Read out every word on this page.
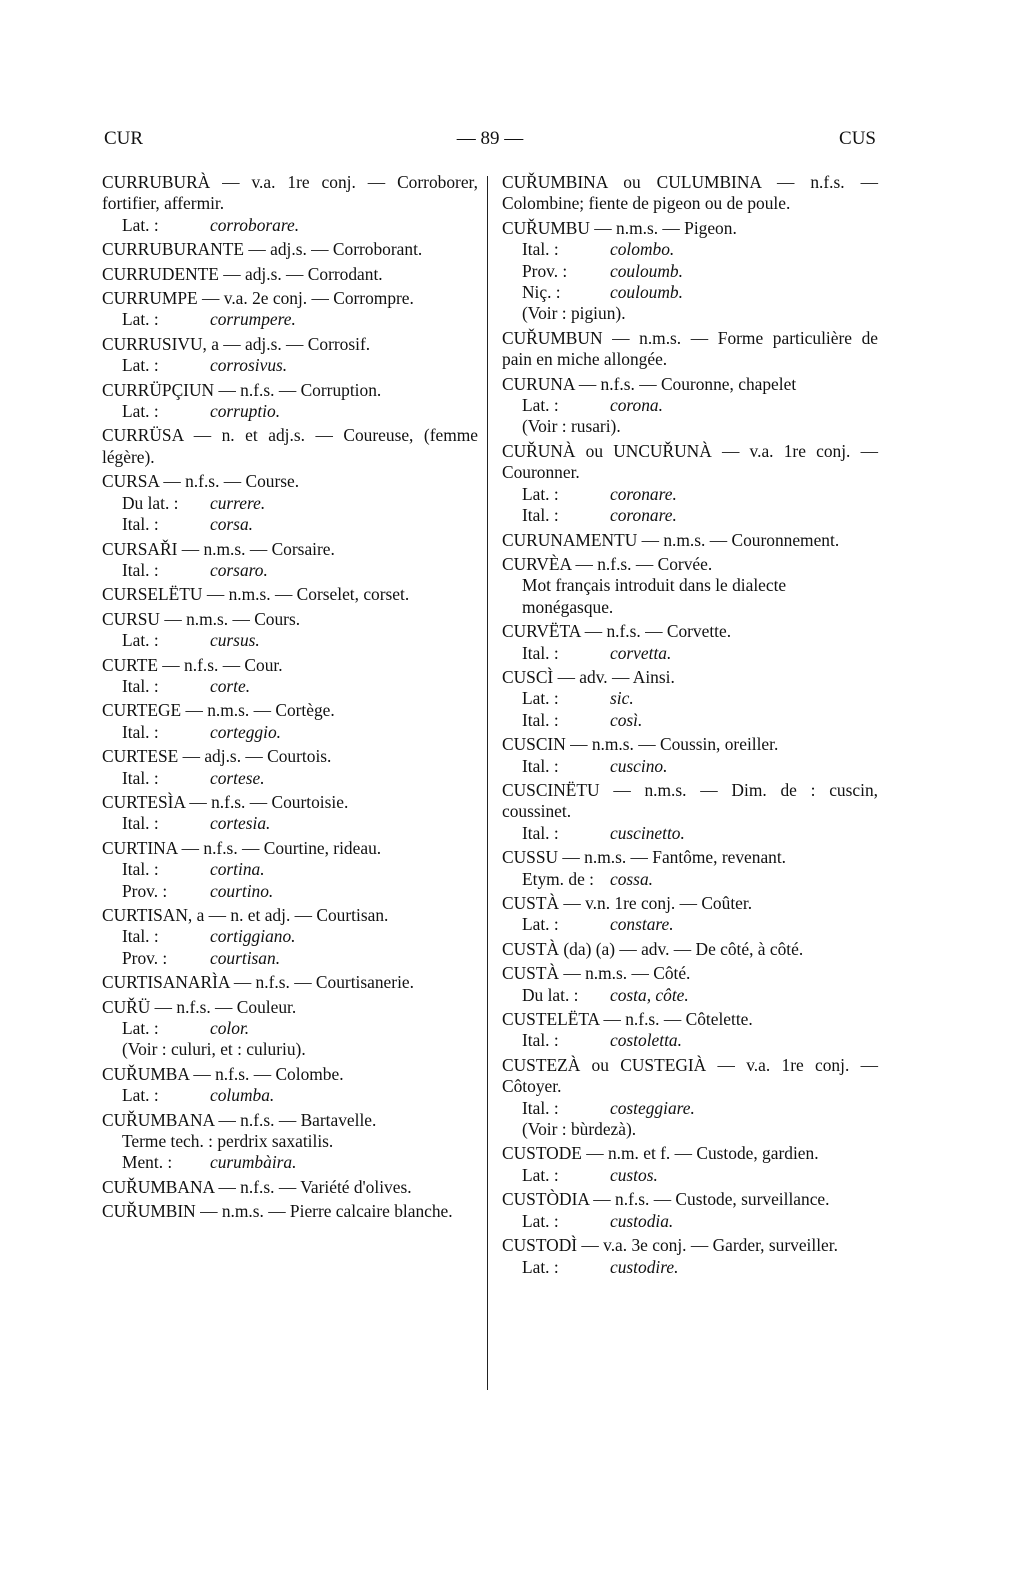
CUR	— 89 —	CUS
CURRUBURÀ — v.a. 1re conj. — Corroborer, fortifier, affermir.
Lat. :	corroborare.
CURRUBURANTE — adj.s. — Corroborant.
CURRUDENTE — adj.s. — Corrodant.
CURRUMPE — v.a. 2e conj. — Corrompre.
Lat. :	corrumpere.
CURRUSIVU, a — adj.s. — Corrosif.
Lat. :	corrosivus.
CURRÜPÇIUN — n.f.s. — Corruption.
Lat. :	corruptio.
CURRÜSA — n. et adj.s. — Coureuse, (femme légère).
CURSA — n.f.s. — Course.
Du lat. : currere.
Ital. :	corsa.
CURSAŘI — n.m.s. — Corsaire.
Ital. :	corsaro.
CURSELËTU — n.m.s. — Corselet, corset.
CURSU — n.m.s. — Cours.
Lat. :	cursus.
CURTE — n.f.s. — Cour.
Ital. :	corte.
CURTEGE — n.m.s. — Cortège.
Ital. :	corteggio.
CURTESE — adj.s. — Courtois.
Ital. :	cortese.
CURTESÌA — n.f.s. — Courtoisie.
Ital. :	cortesia.
CURTINA — n.f.s. — Courtine, rideau.
Ital. :	cortina.
Prov. : courtino.
CURTISAN, a — n. et adj. — Courtisan.
Ital. :	cortiggiano.
Prov. : courtisan.
CURTISANARÌA — n.f.s. — Courtisanerie.
CUŘÜ — n.f.s. — Couleur.
Lat. :	color.
(Voir : culuri, et : culuriu).
CUŘUMBA — n.f.s. — Colombe.
Lat. :	columba.
CUŘUMBANA — n.f.s. — Bartavelle.
Terme tech. : perdrix saxatilis.
Ment. : curumbàira.
CUŘUMBANA — n.f.s. — Variété d'olives.
CUŘUMBIN — n.m.s. — Pierre calcaire blanche.
CUŘUMBINA ou CULUMBINA — n.f.s. — Colombine; fiente de pigeon ou de poule.
CUŘUMBU — n.m.s. — Pigeon.
Ital. :	colombo.
Prov. : couloumb.
Niç. :	couloumb.
(Voir : pigiun).
CUŘUMBUN — n.m.s. — Forme particulière de pain en miche allongée.
CURUNA — n.f.s. — Couronne, chapelet
Lat. :	corona.
(Voir : rusari).
CUŘUNÀ ou UNCUŘUNÀ — v.a. 1re conj. — Couronner.
Lat. :	coronare.
Ital. :	coronare.
CURUNAMENTU — n.m.s. — Couronnement.
CURVÈA — n.f.s. — Corvée.
Mot français introduit dans le dialecte monégasque.
CURVËTA — n.f.s. — Corvette.
Ital. :	corvetta.
CUSCÌ — adv. — Ainsi.
Lat. :	sic.
Ital. :	così.
CUSCIN — n.m.s. — Coussin, oreiller.
Ital. :	cuscino.
CUSCINËTU — n.m.s. — Dim. de : cuscin, coussinet.
Ital. :	cuscinetto.
CUSSU — n.m.s. — Fantôme, revenant.
Etym. de : cossa.
CUSTÀ — v.n. 1re conj. — Coûter.
Lat. :	constare.
CUSTÀ (da) (a) — adv. — De côté, à côté.
CUSTÀ — n.m.s. — Côté.
Du lat. : costa, côte.
CUSTELËTA — n.f.s. — Côtelette.
Ital. :	costoletta.
CUSTEZÀ ou CUSTEGIÀ — v.a. 1re conj. — Côtoyer.
Ital. :	costeggiare.
(Voir : bùrdezà).
CUSTODE — n.m. et f. — Custode, gardien.
Lat. :	custos.
CUSTÒDIA — n.f.s. — Custode, surveillance.
Lat. :	custodia.
CUSTODÌ — v.a. 3e conj. — Garder, surveiller.
Lat. :	custodire.
